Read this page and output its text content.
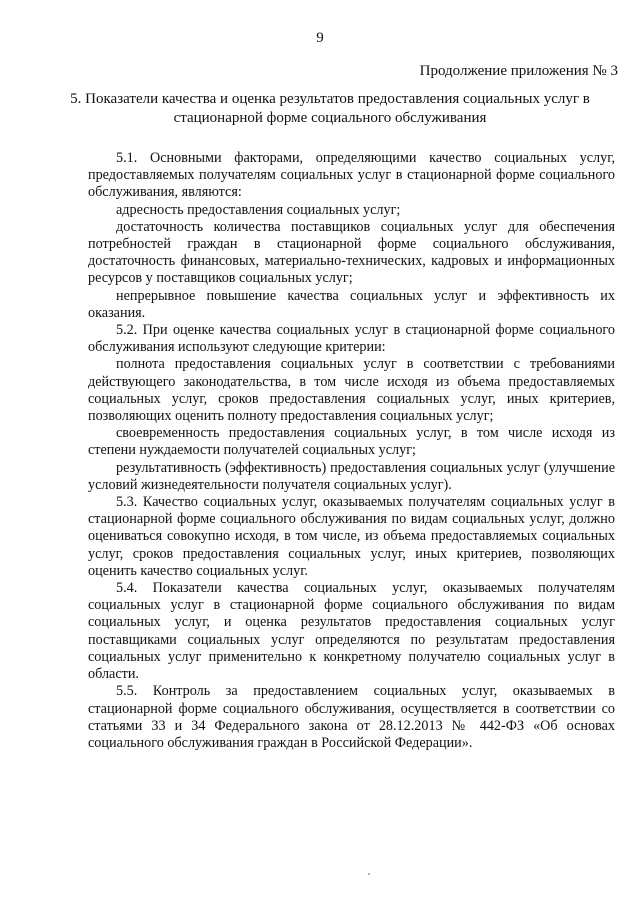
9
Продолжение приложения № 3
5. Показатели качества и оценка результатов предоставления социальных услуг в стационарной форме социального обслуживания

5.1. Основными факторами, определяющими качество социальных услуг, предоставляемых получателям социальных услуг в стационарной форме социального обслуживания, являются:

адресность предоставления социальных услуг;

достаточность количества поставщиков социальных услуг для обеспечения потребностей граждан в стационарной форме социального обслуживания, достаточность финансовых, материально-технических, кадровых и информационных ресурсов у поставщиков социальных услуг;

непрерывное повышение качества социальных услуг и эффективность их оказания.

5.2. При оценке качества социальных услуг в стационарной форме социального обслуживания используют следующие критерии:

полнота предоставления социальных услуг в соответствии с требованиями действующего законодательства, в том числе исходя из объема предоставляемых социальных услуг, сроков предоставления социальных услуг, иных критериев, позволяющих оценить полноту предоставления социальных услуг;

своевременность предоставления социальных услуг, в том числе исходя из степени нуждаемости получателей социальных услуг;

результативность (эффективность) предоставления социальных услуг (улучшение условий жизнедеятельности получателя социальных услуг).

5.3. Качество социальных услуг, оказываемых получателям социальных услуг в стационарной форме социального обслуживания по видам социальных услуг, должно оцениваться совокупно исходя, в том числе, из объема предоставляемых социальных услуг, сроков предоставления социальных услуг, иных критериев, позволяющих оценить качество социальных услуг.

5.4. Показатели качества социальных услуг, оказываемых получателям социальных услуг в стационарной форме социального обслуживания по видам социальных услуг, и оценка результатов предоставления социальных услуг поставщиками социальных услуг определяются по результатам предоставления социальных услуг применительно к конкретному получателю социальных услуг в области.

5.5. Контроль за предоставлением социальных услуг, оказываемых в стационарной форме социального обслуживания, осуществляется в соответствии со статьями 33 и 34 Федерального закона от 28.12.2013 № 442-ФЗ «Об основах социального обслуживания граждан в Российской Федерации».
